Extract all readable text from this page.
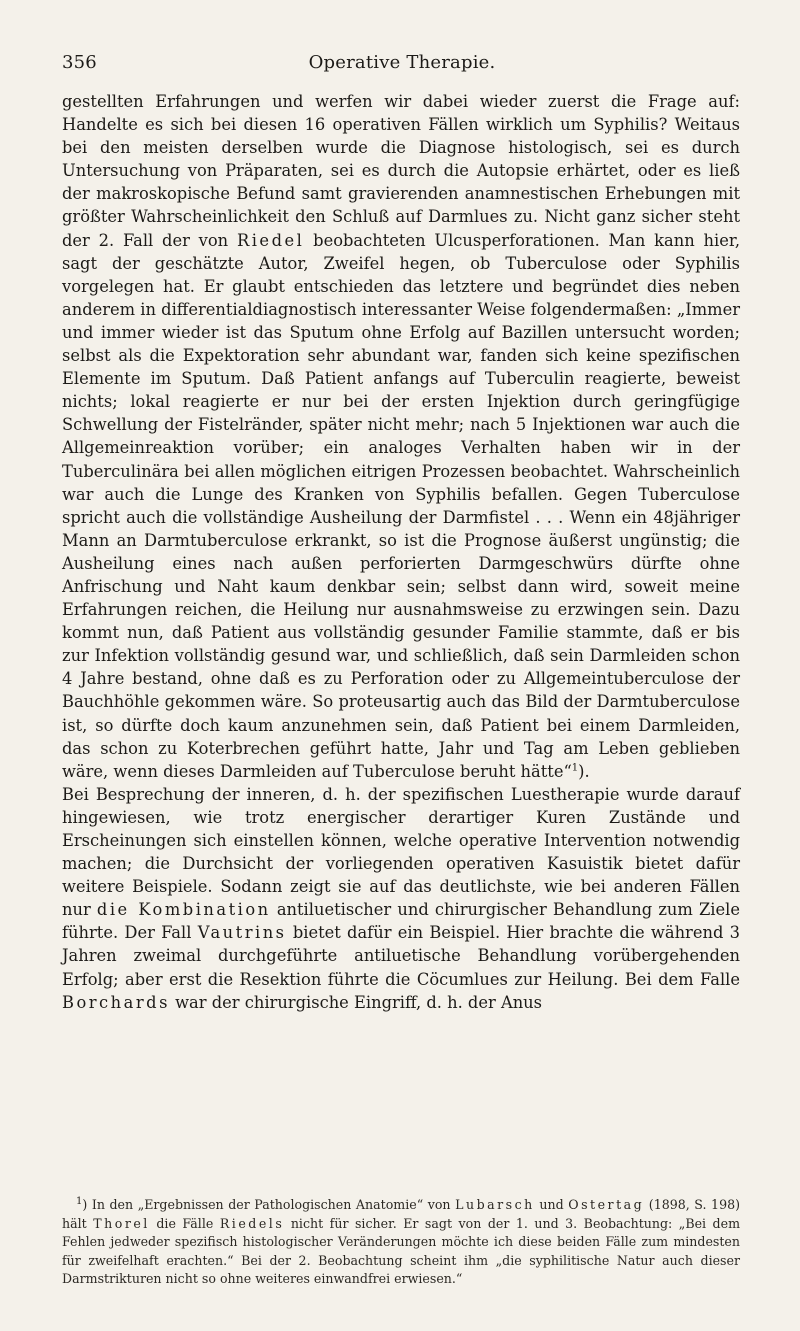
356	Operative Therapie.

gestellten Erfahrungen und werfen wir dabei wieder zuerst die Frage auf: Handelte es sich bei diesen 16 operativen Fällen wirklich um Syphilis? Weitaus bei den meisten derselben wurde die Diagnose histologisch, sei es durch Untersuchung von Präparaten, sei es durch die Autopsie erhärtet, oder es ließ der makroskopische Befund samt gravierenden anamnestischen Erhebungen mit größter Wahrscheinlichkeit den Schluß auf Darmlues zu. Nicht ganz sicher steht der 2. Fall der von Riedel beobachteten Ulcusperforationen. Man kann hier, sagt der geschätzte Autor, Zweifel hegen, ob Tuberculose oder Syphilis vorgelegen hat. Er glaubt entschieden das letztere und begründet dies neben anderem in differentialdiagnostisch interessanter Weise folgendermaßen: „Immer und immer wieder ist das Sputum ohne Erfolg auf Bazillen untersucht worden; selbst als die Expektoration sehr abundant war, fanden sich keine spezifischen Elemente im Sputum. Daß Patient anfangs auf Tuberculin reagierte, beweist nichts; lokal reagierte er nur bei der ersten Injektion durch geringfügige Schwellung der Fistelränder, später nicht mehr; nach 5 Injektionen war auch die Allgemeinreaktion vorüber; ein analoges Verhalten haben wir in der Tuberculinära bei allen möglichen eitrigen Prozessen beobachtet. Wahrscheinlich war auch die Lunge des Kranken von Syphilis befallen. Gegen Tuberculose spricht auch die vollständige Ausheilung der Darmfistel . . . Wenn ein 48jähriger Mann an Darmtuberculose erkrankt, so ist die Prognose äußerst ungünstig; die Ausheilung eines nach außen perforierten Darmgeschwürs dürfte ohne Anfrischung und Naht kaum denkbar sein; selbst dann wird, soweit meine Erfahrungen reichen, die Heilung nur ausnahmsweise zu erzwingen sein. Dazu kommt nun, daß Patient aus vollständig gesunder Familie stammte, daß er bis zur Infektion vollständig gesund war, und schließlich, daß sein Darmleiden schon 4 Jahre bestand, ohne daß es zu Perforation oder zu Allgemeintuberculose der Bauchhöhle gekommen wäre. So proteusartig auch das Bild der Darmtuberculose ist, so dürfte doch kaum anzunehmen sein, daß Patient bei einem Darmleiden, das schon zu Koterbrechen geführt hatte, Jahr und Tag am Leben geblieben wäre, wenn dieses Darmleiden auf Tuberculose beruht hätte“$^1$).

Bei Besprechung der inneren, d. h. der spezifischen Luestherapie wurde darauf hingewiesen, wie trotz energischer derartiger Kuren Zustände und Erscheinungen sich einstellen können, welche operative Intervention notwendig machen; die Durchsicht der vorliegenden operativen Kasuistik bietet dafür weitere Beispiele. Sodann zeigt sie auf das deutlichste, wie bei anderen Fällen nur die Kombination antiluetischer und chirurgischer Behandlung zum Ziele führte. Der Fall Vautrins bietet dafür ein Beispiel. Hier brachte die während 3 Jahren zweimal durchgeführte antiluetische Behandlung vorübergehenden Erfolg; aber erst die Resektion führte die Cöcumlues zur Heilung. Bei dem Falle Borchards war der chirurgische Eingriff, d. h. der Anus

$^1$) In den „Ergebnissen der Pathologischen Anatomie“ von Lubarsch und Ostertag (1898, S. 198) hält Thorel die Fälle Riedels nicht für sicher. Er sagt von der 1. und 3. Beobachtung: „Bei dem Fehlen jedweder spezifisch histologischer Veränderungen möchte ich diese beiden Fälle zum mindesten für zweifelhaft erachten.“ Bei der 2. Beobachtung scheint ihm „die syphilitische Natur auch dieser Darmstrikturen nicht so ohne weiteres einwandfrei erwiesen.“
